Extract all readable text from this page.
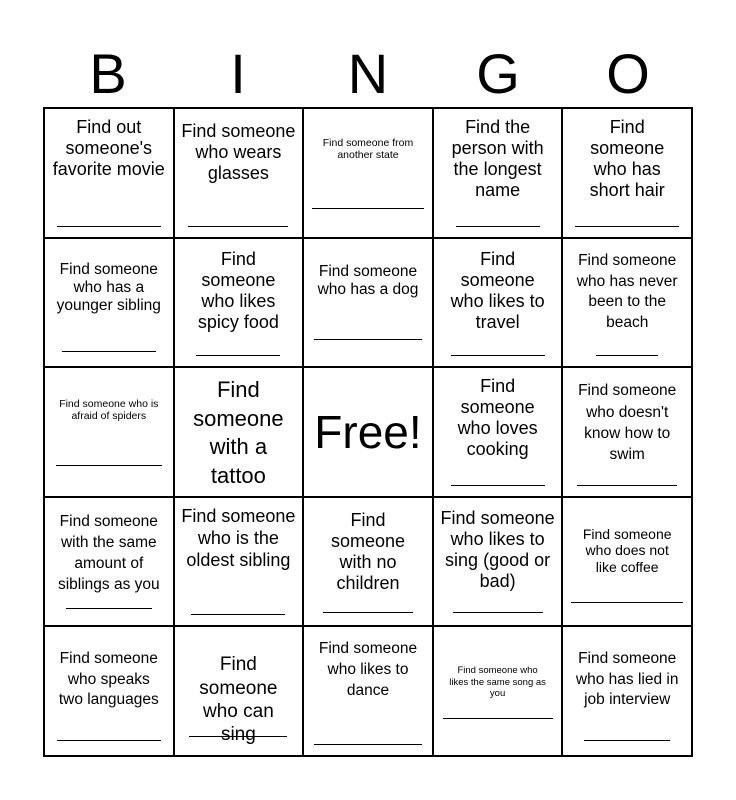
B	I	N	G	O
Find out someone's favorite movie
Find someone who wears glasses
Find someone from another state
Find the person with the longest name
Find someone who has short hair
Find someone who has a younger sibling
Find someone who likes spicy food
Find someone who has a dog
Find someone who likes to travel
Find someone who has never been to the beach
Find someone who is afraid of spiders
Find someone with a tattoo
Free!
Find someone who loves cooking
Find someone who doesn't know how to swim
Find someone with the same amount of siblings as you
Find someone who is the oldest sibling
Find someone with no children
Find someone who likes to sing (good or bad)
Find someone who does not like coffee
Find someone who speaks two languages
Find someone who can sing
Find someone who likes to dance
Find someone who likes the same song as you
Find someone who has lied in job interview
